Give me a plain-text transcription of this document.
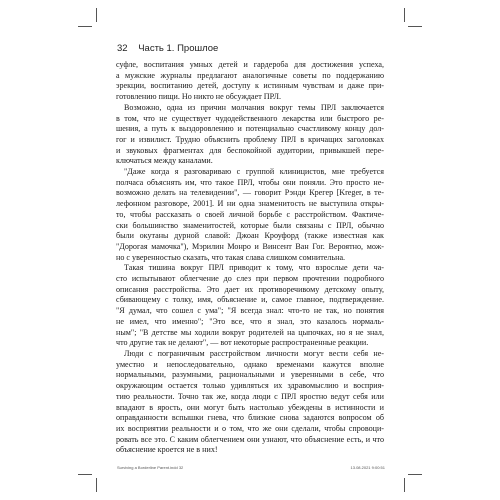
32 Часть 1. Прошлое
суфле, воспитания умных детей и гардероба для достижения успеха,
а мужские журналы предлагают аналогичные советы по поддержанию
эрекции, воспитанию детей, доступу к истинным чувствам и даже при-
готовлению пищи. Но никто не обсуждает ПРЛ.
Возможно, одна из причин молчания вокруг темы ПРЛ заключается
в том, что не существует чудодейственного лекарства или быстрого ре-
шения, а путь к выздоровлению и потенциально счастливому концу дол-
гог и извилист. Трудно объяснить проблему ПРЛ в кричащих заголовках
и звуковых фрагментах для беспокойной аудитории, привыкшей пере-
ключаться между каналами.
"Даже когда я разговариваю с группой клиницистов, мне требуется
полчаса объяснять им, что такое ПРЛ, чтобы они поняли. Это просто не-
возможно делать на телевидении", — говорит Рэнди Крегер [Kreger, в те-
лефонном разговоре, 2001]. И ни одна знаменитость не выступила откры-
то, чтобы рассказать о своей личной борьбе с расстройством. Фактиче-
ски большинство знаменитостей, которые были связаны с ПРЛ, обычно
были окутаны дурной славой: Джоан Кроуфорд (также известная как
"Дорогая мамочка"), Мэрилин Монро и Винсент Ван Гог. Вероятно, мож-
но с уверенностью сказать, что такая слава слишком сомнительна.
Такая тишина вокруг ПРЛ приводит к тому, что взрослые дети ча-
сто испытывают облегчение до слез при первом прочтении подробного
описания расстройства. Это дает их противоречивому детскому опыту,
сбивающему с толку, имя, объяснение и, самое главное, подтверждение.
"Я думал, что сошел с ума"; "Я всегда знал: что-то не так, но понятия
не имел, что именно"; "Это все, что я знал, это казалось нормаль-
ным"; "В детстве мы ходили вокруг родителей на цыпочках, но я не знал,
что другие так не делают", — вот некоторые распространенные реакции.
Люди с пограничным расстройством личности могут вести себя не-
уместно и непоследовательно, однако временами кажутся вполне
нормальными, разумными, рациональными и уверенными в себе, что
окружающим остается только удивляться их здравомыслию и восприя-
тию реальности. Точно так же, когда люди с ПРЛ яростно ведут себя или
впадают в ярость, они могут быть настолько убеждены в истинности и
оправданности вспышки гнева, что близкие снова задаются вопросом об
их восприятии реальности и о том, что же они сделали, чтобы спровоци-
ровать все это. С каким облегчением они узнают, что объяснение есть, и что
объяснение кроется не в них!
Surviving a Borderline Parent.indd 32	13.08.2021 9:00:51
